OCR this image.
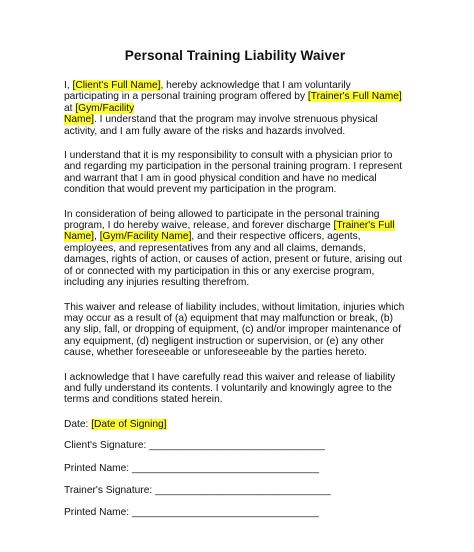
Personal Training Liability Waiver

I, [Client's Full Name], hereby acknowledge that I am voluntarily participating in a personal training program offered by [Trainer's Full Name] at [Gym/Facility
Name]. I understand that the program may involve strenuous physical activity, and I am fully aware of the risks and hazards involved.

I understand that it is my responsibility to consult with a physician prior to and regarding my participation in the personal training program. I represent and warrant that I am in good physical condition and have no medical condition that would prevent my participation in the program.

In consideration of being allowed to participate in the personal training program, I do hereby waive, release, and forever discharge [Trainer's Full Name], [Gym/Facility Name], and their respective officers, agents, employees, and representatives from any and all claims, demands, damages, rights of action, or causes of action, present or future, arising out of or connected with my participation in this or any exercise program, including any injuries resulting therefrom.

This waiver and release of liability includes, without limitation, injuries which may occur as a result of (a) equipment that may malfunction or break, (b) any slip, fall, or dropping of equipment, (c) and/or improper maintenance of any equipment, (d) negligent instruction or supervision, or (e) any other cause, whether foreseeable or unforeseeable by the parties hereto.

I acknowledge that I have carefully read this waiver and release of liability and fully understand its contents. I voluntarily and knowingly agree to the terms and conditions stated herein.

Date: [Date of Signing]
Client's Signature: _______________________________
Printed Name: _________________________________
Trainer's Signature: _______________________________
Printed Name: _________________________________
